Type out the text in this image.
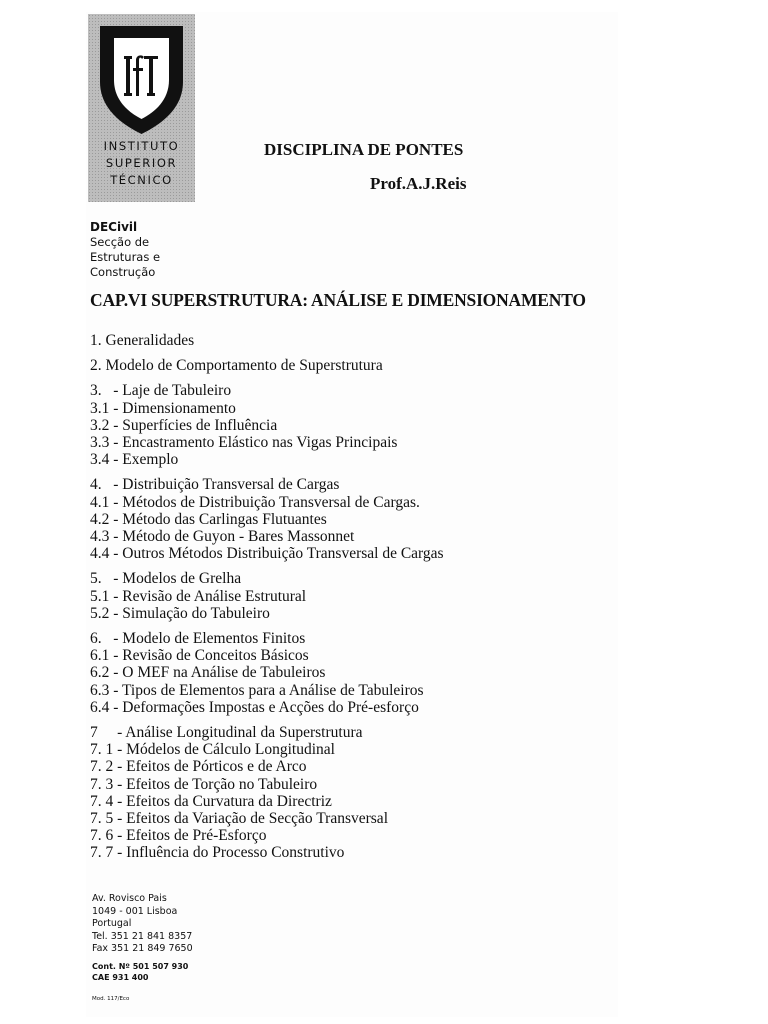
INSTITUTO
SUPERIOR
TÉCNICO
DISCIPLINA DE PONTES
Prof.A.J.Reis
DECivil
Secção de
Estruturas e
Construção
CAP.VI SUPERSTRUTURA: ANÁLISE E DIMENSIONAMENTO
1. Generalidades
2. Modelo de Comportamento de Superstrutura
3.   - Laje de Tabuleiro
3.1 - Dimensionamento
3.2 - Superfícies de Influência
3.3 - Encastramento Elástico nas Vigas Principais
3.4 - Exemplo
4.   - Distribuição Transversal de Cargas
4.1 - Métodos de Distribuição Transversal de Cargas.
4.2 - Método das Carlingas Flutuantes
4.3 - Método de Guyon - Bares Massonnet
4.4 - Outros Métodos Distribuição Transversal de Cargas
5.   - Modelos de Grelha
5.1 - Revisão de Análise Estrutural
5.2 - Simulação do Tabuleiro
6.   - Modelo de Elementos Finitos
6.1 - Revisão de Conceitos Básicos
6.2 - O MEF na Análise de Tabuleiros
6.3 - Tipos de Elementos para a Análise de Tabuleiros
6.4 - Deformações Impostas e Acções do Pré-esforço
7     - Análise Longitudinal da Superstrutura
7. 1 - Módelos de Cálculo Longitudinal
7. 2 - Efeitos de Pórticos e de Arco
7. 3 - Efeitos de Torção no Tabuleiro
7. 4 - Efeitos da Curvatura da Directriz
7. 5 - Efeitos da Variação de Secção Transversal
7. 6 - Efeitos de Pré-Esforço
7. 7 - Influência do Processo Construtivo
Av. Rovisco Pais
1049 - 001 Lisboa
Portugal
Tel. 351 21 841 8357
Fax 351 21 849 7650
Cont. Nº 501 507 930
CAE 931 400
Mod. 117/Eco
